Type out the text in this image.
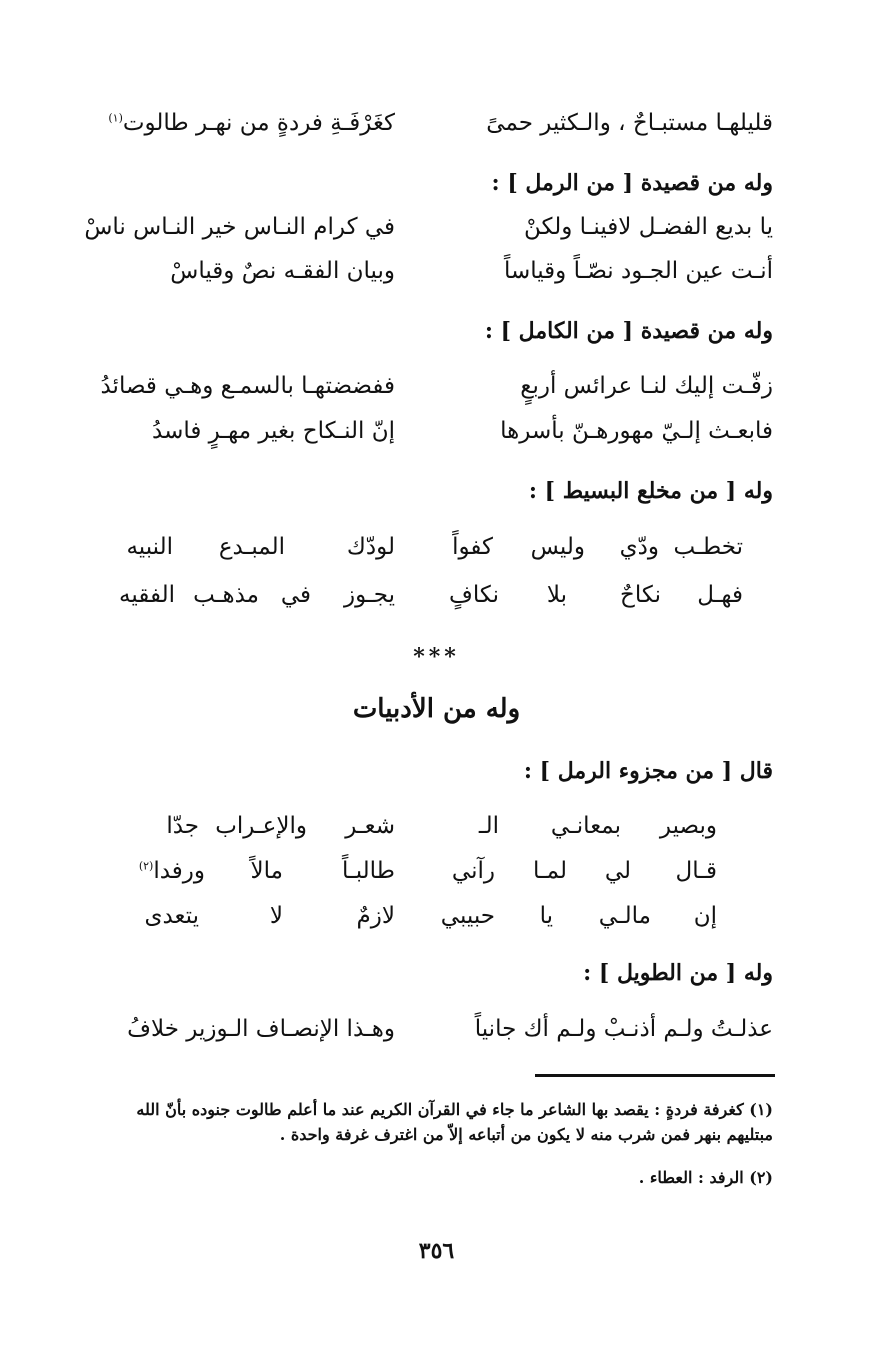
قليلهـا مستبـاحٌ ، والـكثير حمىً
كغَرْفَـةِ فردةٍ من نهـر طالوت$^{(١)}$
وله من قصيدة [ من الرمل ] :
يا بديع الفضـل لافينـا ولكنْ
في كرام النـاس خير النـاس ناسْ
أنـت عين الجـود نصّـاً وقياساً
وبيان الفقـه نصٌ وقياسْ
وله من قصيدة [ من الكامل ] :
زفّـت إليك لنـا عرائس أربعٍ
ففضضتهـا بالسمـع وهـي قصائدُ
فابعـث إلـيّ مهورهـنّ بأسرها
إنّ النـكاح بغير مهـرٍ فاسدُ
وله [ من مخلع البسيط ] :
تخطـب
ودّي
وليس
كفواً
لودّك
المبـدع
النبيه
فهـل
نكاحٌ
بلا
نكافٍ
يجـوز
في
مذهـب
الفقيه
***
وله من الأدبيات
قال [ من مجزوء الرمل ] :
وبصير
بمعانـي
الـ
شعـر
والإعـراب
جدّا
قـال
لي
لمـا
رآني
طالبـاً
مالاً
ورفدا$^{(٢)}$
إن
مالـي
يا
حبيبي
لازمٌ
لا
يتعدى
وله [ من الطويل ] :
عذلـتُ ولـم أذنـبْ ولـم أك جانياً
وهـذا الإنصـاف الـوزير خلافُ
(١) كغرفة فردةٍ : يقصد بها الشاعر ما جاء في القرآن الكريم عند ما أعلم طالوت جنوده بأنّ الله مبتليهم بنهر فمن شرب منه لا يكون من أتباعه إلاّ من اغترف غرفة واحدة .
(٢) الرفد : العطاء .
٣٥٦
